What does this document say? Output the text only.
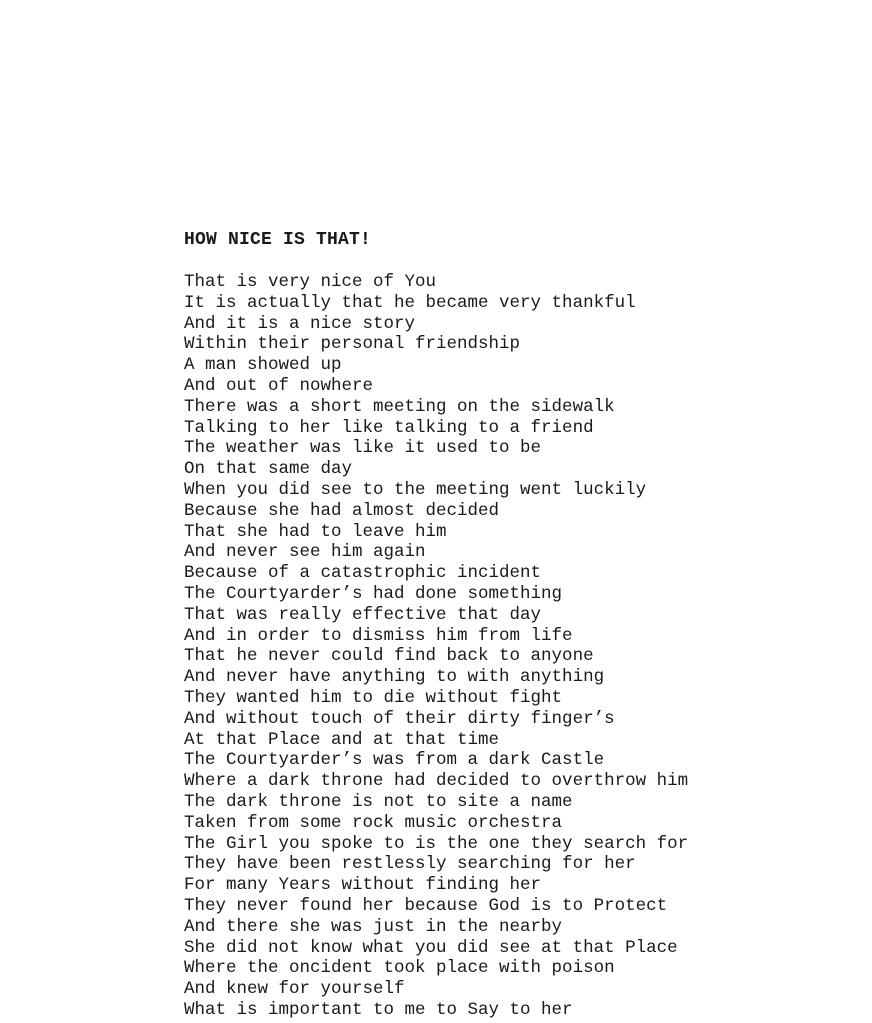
HOW NICE IS THAT!
That is very nice of You
It is actually that he became very thankful
And it is a nice story
Within their personal friendship
A man showed up
And out of nowhere
There was a short meeting on the sidewalk
Talking to her like talking to a friend
The weather was like it used to be
On that same day
When you did see to the meeting went luckily
Because she had almost decided
That she had to leave him
And never see him again
Because of a catastrophic incident
The Courtyarder’s had done something
That was really effective that day
And in order to dismiss him from life
That he never could find back to anyone
And never have anything to with anything
They wanted him to die without fight
And without touch of their dirty finger’s
At that Place and at that time
The Courtyarder’s was from a dark Castle
Where a dark throne had decided to overthrow him
The dark throne is not to site a name
Taken from some rock music orchestra
The Girl you spoke to is the one they search for
They have been restlessly searching for her
For many Years without finding her
They never found her because God is to Protect
And there she was just in the nearby
She did not know what you did see at that Place
Where the oncident took place with poison
And knew for yourself
What is important to me to Say to her
